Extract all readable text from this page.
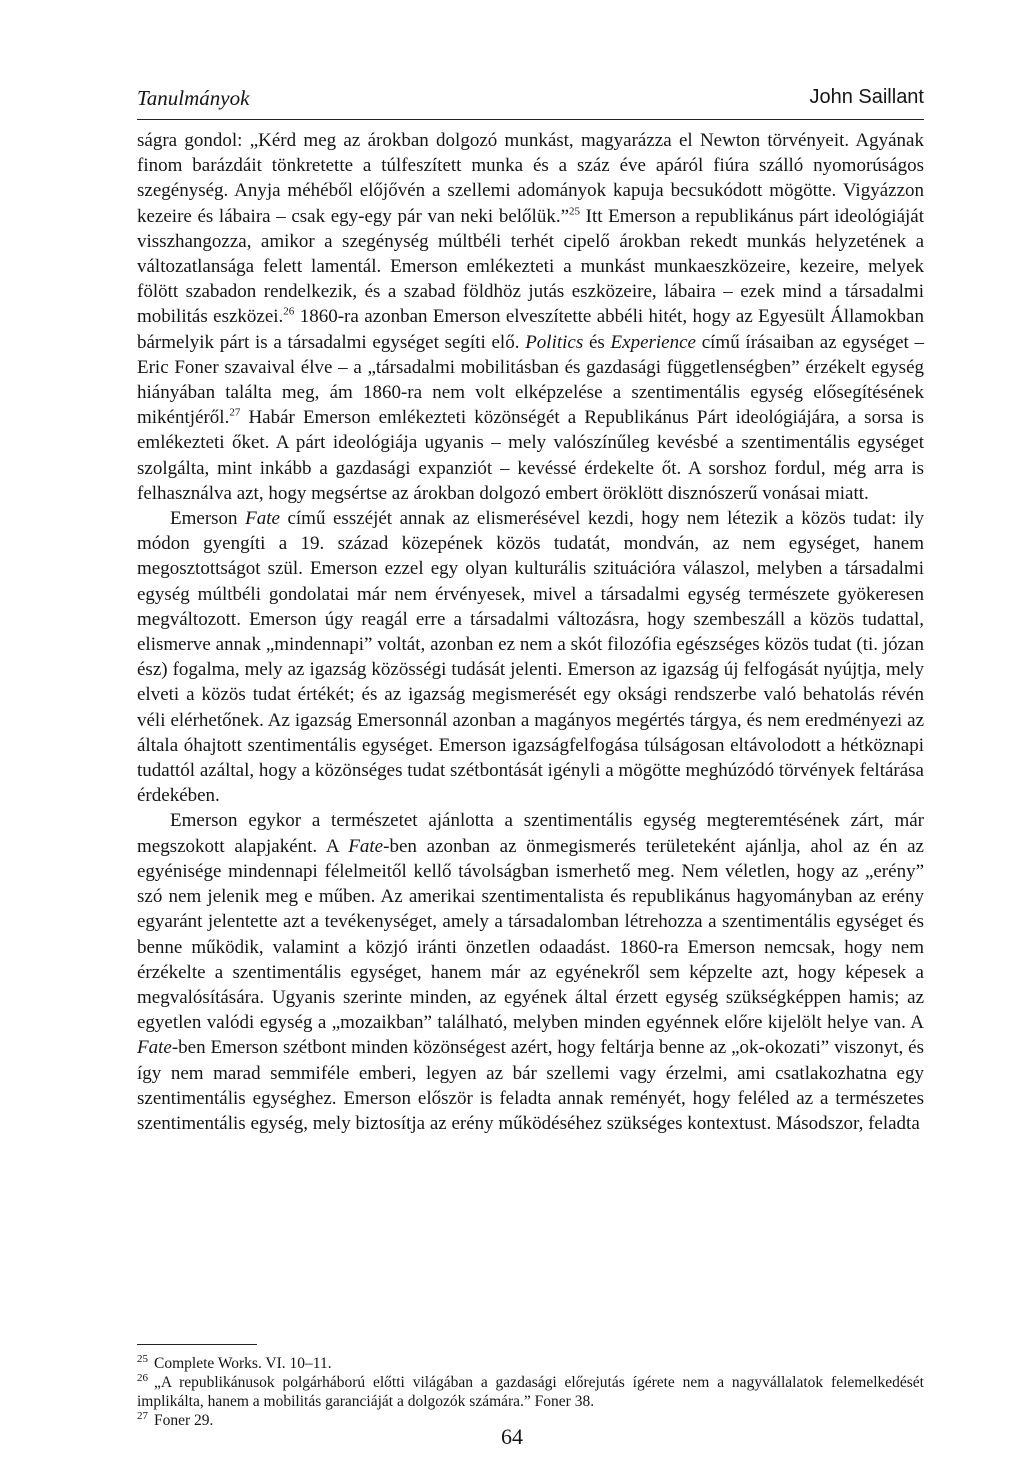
Tanulmányok	John Saillant

ságra gondol: „Kérd meg az árokban dolgozó munkást, magyarázza el Newton törvényeit. Agyának finom barázdáit tönkretette a túlfeszített munka és a száz éve apáról fiúra szálló nyomorúságos szegénység. Anyja méhéből előjővén a szellemi adományok kapuja becsukódott mögötte. Vigyázzon kezeire és lábaira – csak egy-egy pár van neki belőlük.”$^{25}$ Itt Emerson a republikánus párt ideológiáját visszhangozza, amikor a szegénység múltbéli terhét cipelő árokban rekedt munkás helyzetének a változatlansága felett lamentál. Emerson emlékezteti a munkást munkaeszközeire, kezeire, melyek fölött szabadon rendelkezik, és a szabad földhöz jutás eszközeire, lábaira – ezek mind a társadalmi mobilitás eszközei.$^{26}$ 1860-ra azonban Emerson elveszítette abbéli hitét, hogy az Egyesült Államokban bármelyik párt is a társadalmi egységet segíti elő. Politics és Experience című írásaiban az egységet – Eric Foner szavaival élve – a „társadalmi mobilitásban és gazdasági függetlenségben” érzékelt egység hiányában találta meg, ám 1860-ra nem volt elképzelése a szentimentális egység elősegítésének mikéntjéről.$^{27}$ Habár Emerson emlékezteti közönségét a Republikánus Párt ideológiájára, a sorsa is emlékezteti őket. A párt ideológiája ugyanis – mely valószínűleg kevésbé a szentimentális egységet szolgálta, mint inkább a gazdasági expanziót – kevéssé érdekelte őt. A sorshoz fordul, még arra is felhasználva azt, hogy megsértse az árokban dolgozó embert öröklött disznószerű vonásai miatt.

Emerson Fate című esszéjét annak az elismerésével kezdi, hogy nem létezik a közös tudat: ily módon gyengíti a 19. század közepének közös tudatát, mondván, az nem egységet, hanem megosztottságot szül. Emerson ezzel egy olyan kulturális szituációra válaszol, melyben a társadalmi egység múltbéli gondolatai már nem érvényesek, mivel a társadalmi egység természete gyökeresen megváltozott. Emerson úgy reagál erre a társadalmi változásra, hogy szembeszáll a közös tudattal, elismerve annak „mindennapi” voltát, azonban ez nem a skót filozófia egészséges közös tudat (ti. józan ész) fogalma, mely az igazság közösségi tudását jelenti. Emerson az igazság új felfogását nyújtja, mely elveti a közös tudat értékét; és az igazság megismerését egy oksági rendszerbe való behatolás révén véli elérhetőnek. Az igazság Emersonnál azonban a magányos megértés tárgya, és nem eredményezi az általa óhajtott szentimentális egységet. Emerson igazságfelfogása túlságosan eltávolodott a hétköznapi tudattól azáltal, hogy a közönséges tudat szétbontását igényli a mögötte meghúzódó törvények feltárása érdekében.

Emerson egykor a természetet ajánlotta a szentimentális egység megteremtésének zárt, már megszokott alapjaként. A Fate-ben azonban az önmegismerés területeként ajánlja, ahol az én az egyénisége mindennapi félelmeitől kellő távolságban ismerhető meg. Nem véletlen, hogy az „erény” szó nem jelenik meg e műben. Az amerikai szentimentalista és republikánus hagyományban az erény egyaránt jelentette azt a tevékenységet, amely a társadalomban létrehozza a szentimentális egységet és benne működik, valamint a közjó iránti önzetlen odaadást. 1860-ra Emerson nemcsak, hogy nem érzékelte a szentimentális egységet, hanem már az egyénekről sem képzelte azt, hogy képesek a megvalósítására. Ugyanis szerinte minden, az egyének által érzett egység szükségképpen hamis; az egyetlen valódi egység a „mozaikban” található, melyben minden egyénnek előre kijelölt helye van. A Fate-ben Emerson szétbont minden közönségest azért, hogy feltárja benne az „ok-okozati” viszonyt, és így nem marad semmiféle emberi, legyen az bár szellemi vagy érzelmi, ami csatlakozhatna egy szentimentális egységhez. Emerson először is feladta annak reményét, hogy feléled az a természetes szentimentális egység, mely biztosítja az erény működéséhez szükséges kontextust. Másodszor, feladta

$^{25}$ Complete Works. VI. 10–11.

$^{26}$ „A republikánusok polgárháború előtti világában a gazdasági előrejutás ígérete nem a nagyvállalatok felemelkedését implikálta, hanem a mobilitás garanciáját a dolgozók számára.” Foner 38.

$^{27}$ Foner 29.

64
